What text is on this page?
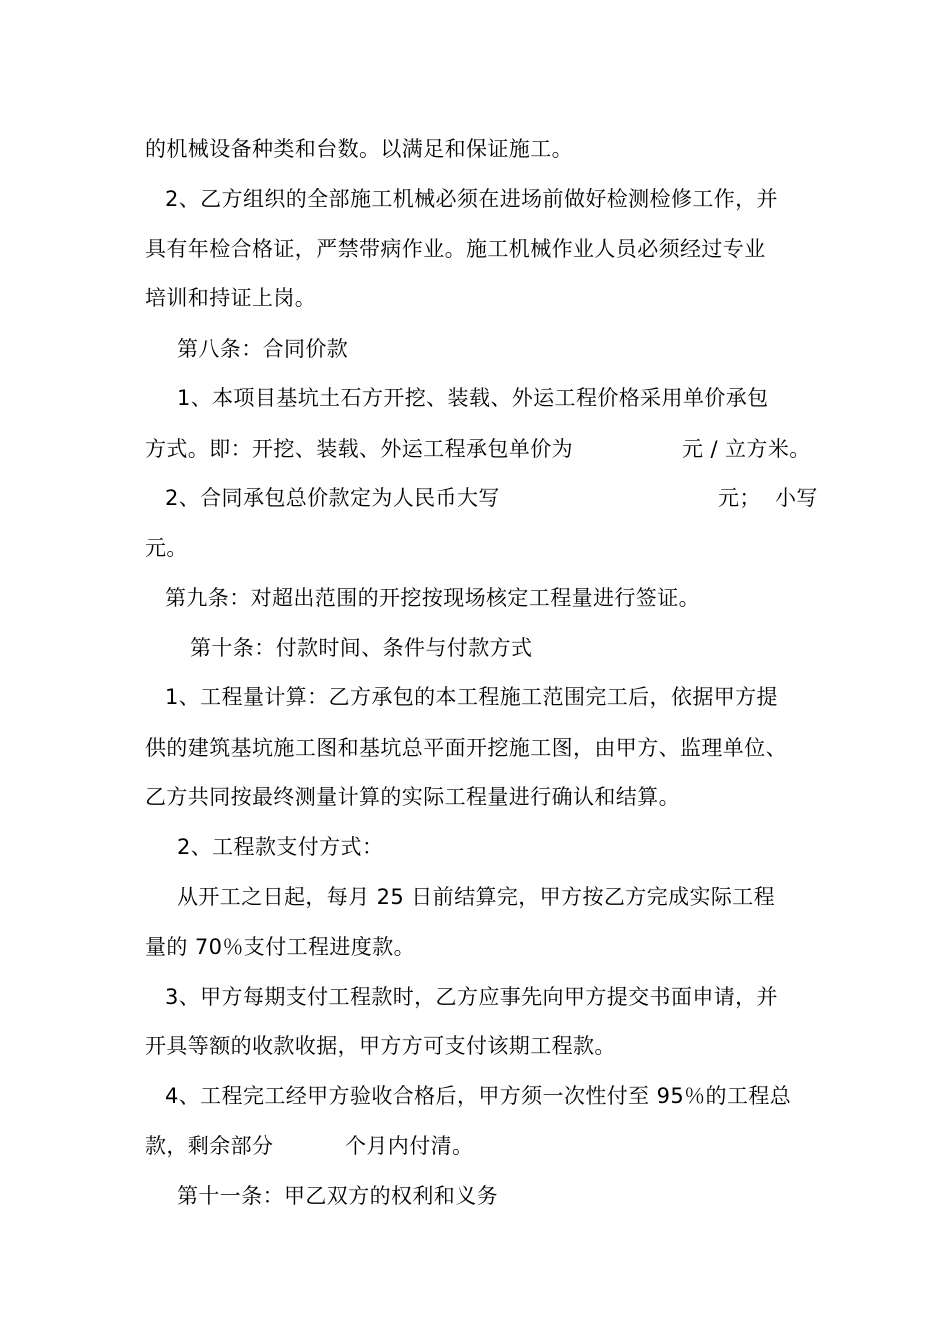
的机械设备种类和台数。以满足和保证施工。
2、乙方组织的全部施工机械必须在进场前做好检测检修工作，并
具有年检合格证，严禁带病作业。施工机械作业人员必须经过专业
培训和持证上岗。
第八条：合同价款
1、本项目基坑土石方开挖、装载、外运工程价格采用单价承包
方式。即：开挖、装载、外运工程承包单价为	元 / 立方米。
2、合同承包总价款定为人民币大写	元；  小写
元。
第九条：对超出范围的开挖按现场核定工程量进行签证。
第十条：付款时间、条件与付款方式
1、工程量计算：乙方承包的本工程施工范围完工后，依据甲方提
供的建筑基坑施工图和基坑总平面开挖施工图，由甲方、监理单位、
乙方共同按最终测量计算的实际工程量进行确认和结算。
2、工程款支付方式：
从开工之日起，每月 25 日前结算完，甲方按乙方完成实际工程
量的 70％支付工程进度款。
3、甲方每期支付工程款时，乙方应事先向甲方提交书面申请，并
开具等额的收款收据，甲方方可支付该期工程款。
4、工程完工经甲方验收合格后，甲方须一次性付至 95％的工程总
款，剩余部分	个月内付清。
第十一条：甲乙双方的权利和义务
